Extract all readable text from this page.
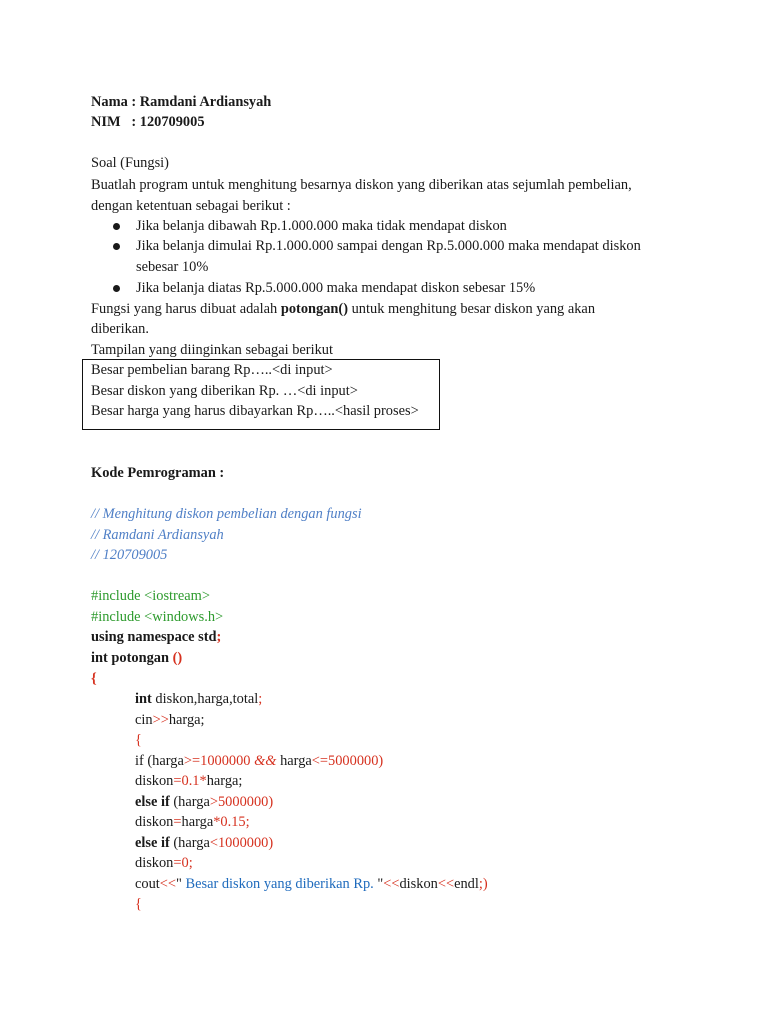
Nama : Ramdani Ardiansyah
NIM   : 120709005
Soal (Fungsi)
Buatlah program untuk menghitung besarnya diskon yang diberikan atas sejumlah pembelian,
dengan ketentuan sebagai berikut :
Jika belanja dibawah Rp.1.000.000 maka tidak mendapat diskon
Jika belanja dimulai Rp.1.000.000 sampai dengan Rp.5.000.000 maka mendapat diskon
sebesar 10%
Jika belanja diatas Rp.5.000.000 maka mendapat diskon sebesar 15%
Fungsi yang harus dibuat adalah potongan() untuk menghitung besar diskon yang akan
diberikan.
Tampilan yang diinginkan sebagai berikut
Besar pembelian barang Rp…..<di input>
Besar diskon yang diberikan Rp. …<di input>
Besar harga yang harus dibayarkan Rp…..<hasil proses>
Kode Pemrograman :
// Menghitung diskon pembelian dengan fungsi
// Ramdani Ardiansyah
// 120709005
#include <iostream>
#include <windows.h>
using namespace std;
int potongan ()
{
int diskon,harga,total;
cin>>harga;
{
if (harga>=1000000 && harga<=5000000)
diskon=0.1*harga;
else if (harga>5000000)
diskon=harga*0.15;
else if (harga<1000000)
diskon=0;
cout<<" Besar diskon yang diberikan Rp. "<<diskon<<endl;)
{
